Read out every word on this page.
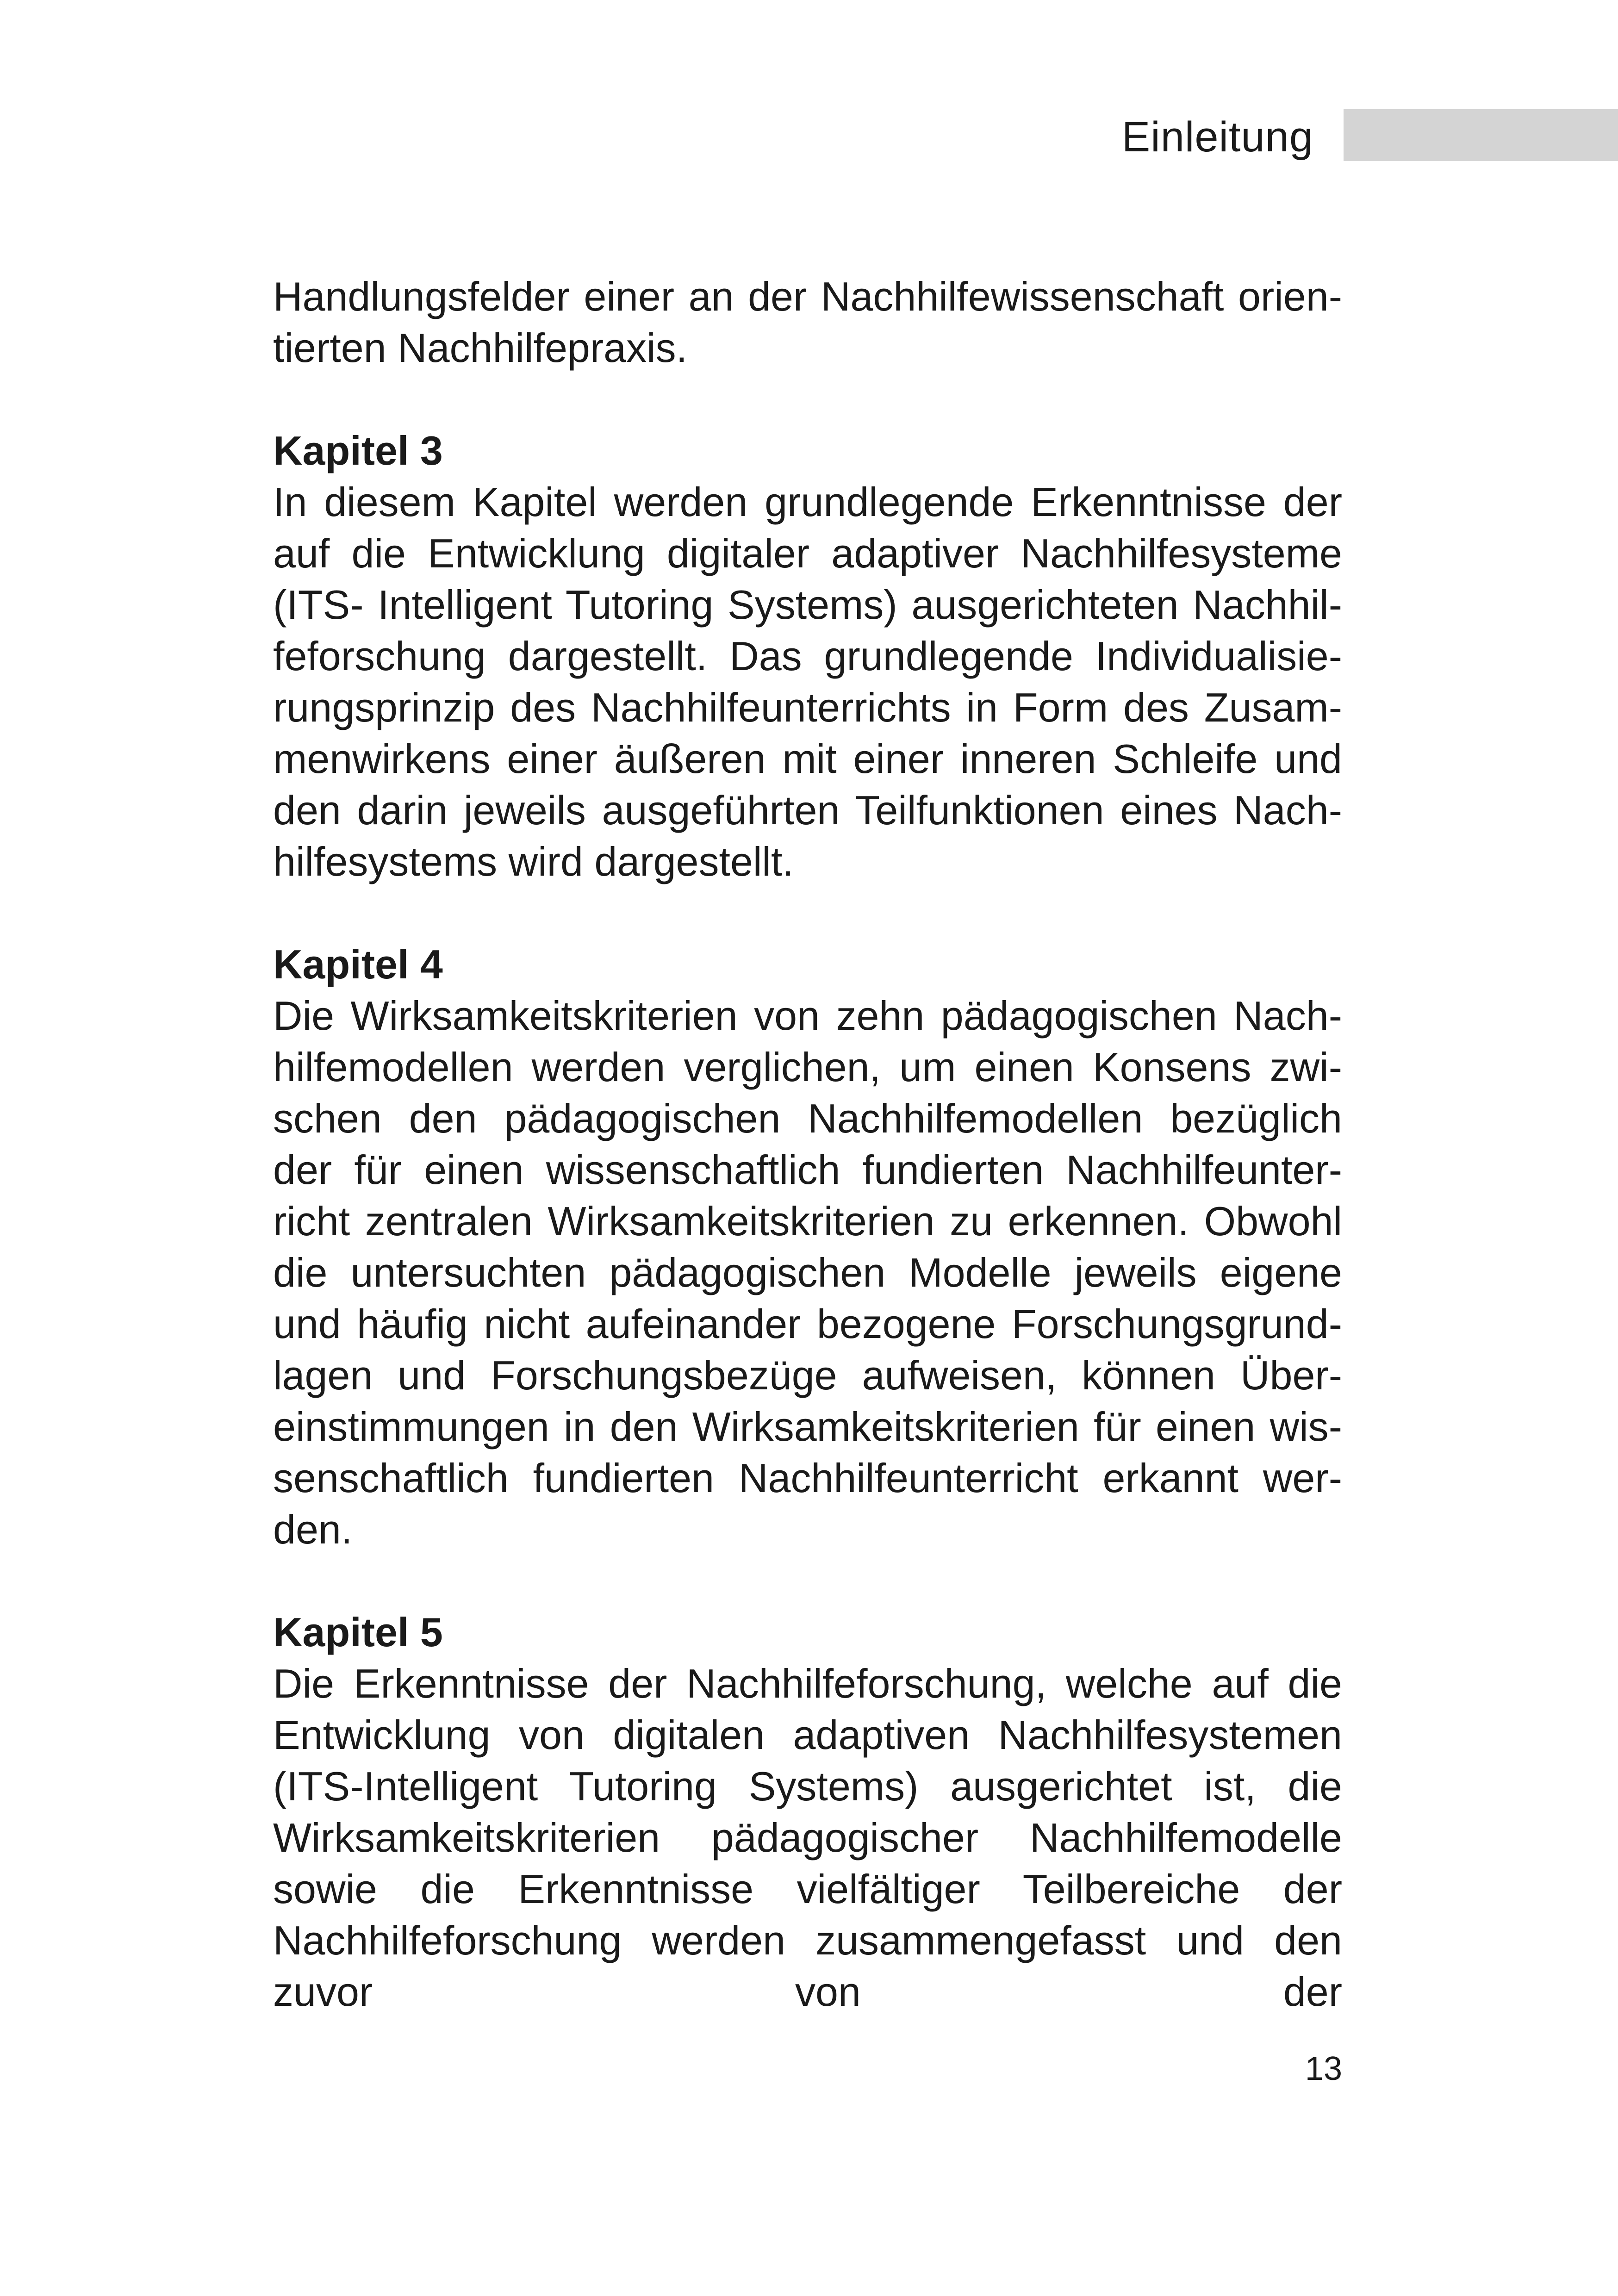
Einleitung

Handlungsfelder einer an der Nachhilfewissenschaft orientierten Nachhilfepraxis.

Kapitel 3

In diesem Kapitel werden grundlegende Erkenntnisse der auf die Entwicklung digitaler adaptiver Nachhilfesysteme (ITS- Intelligent Tutoring Systems) ausgerichteten Nachhilfeforschung dargestellt. Das grundlegende Individualisierungsprinzip des Nachhilfeunterrichts in Form des Zusammenwirkens einer äußeren mit einer inneren Schleife und den darin jeweils ausgeführten Teilfunktionen eines Nachhilfesystems wird dargestellt.

Kapitel 4

Die Wirksamkeitskriterien von zehn pädagogischen Nachhilfemodellen werden verglichen, um einen Konsens zwischen den pädagogischen Nachhilfemodellen bezüglich der für einen wissenschaftlich fundierten Nachhilfeunterricht zentralen Wirksamkeitskriterien zu erkennen. Obwohl die untersuchten pädagogischen Modelle jeweils eigene und häufig nicht aufeinander bezogene Forschungsgrundlagen und Forschungsbezüge aufweisen, können Übereinstimmungen in den Wirksamkeitskriterien für einen wissenschaftlich fundierten Nachhilfeunterricht erkannt werden.

Kapitel 5

Die Erkenntnisse der Nachhilfeforschung, welche auf die Entwicklung von digitalen adaptiven Nachhilfesystemen (ITS-Intelligent Tutoring Systems) ausgerichtet ist, die Wirksamkeitskriterien pädagogischer Nachhilfemodelle sowie die Erkenntnisse vielfältiger Teilbereiche der Nachhilfeforschung werden zusammengefasst und den zuvor von der

13
